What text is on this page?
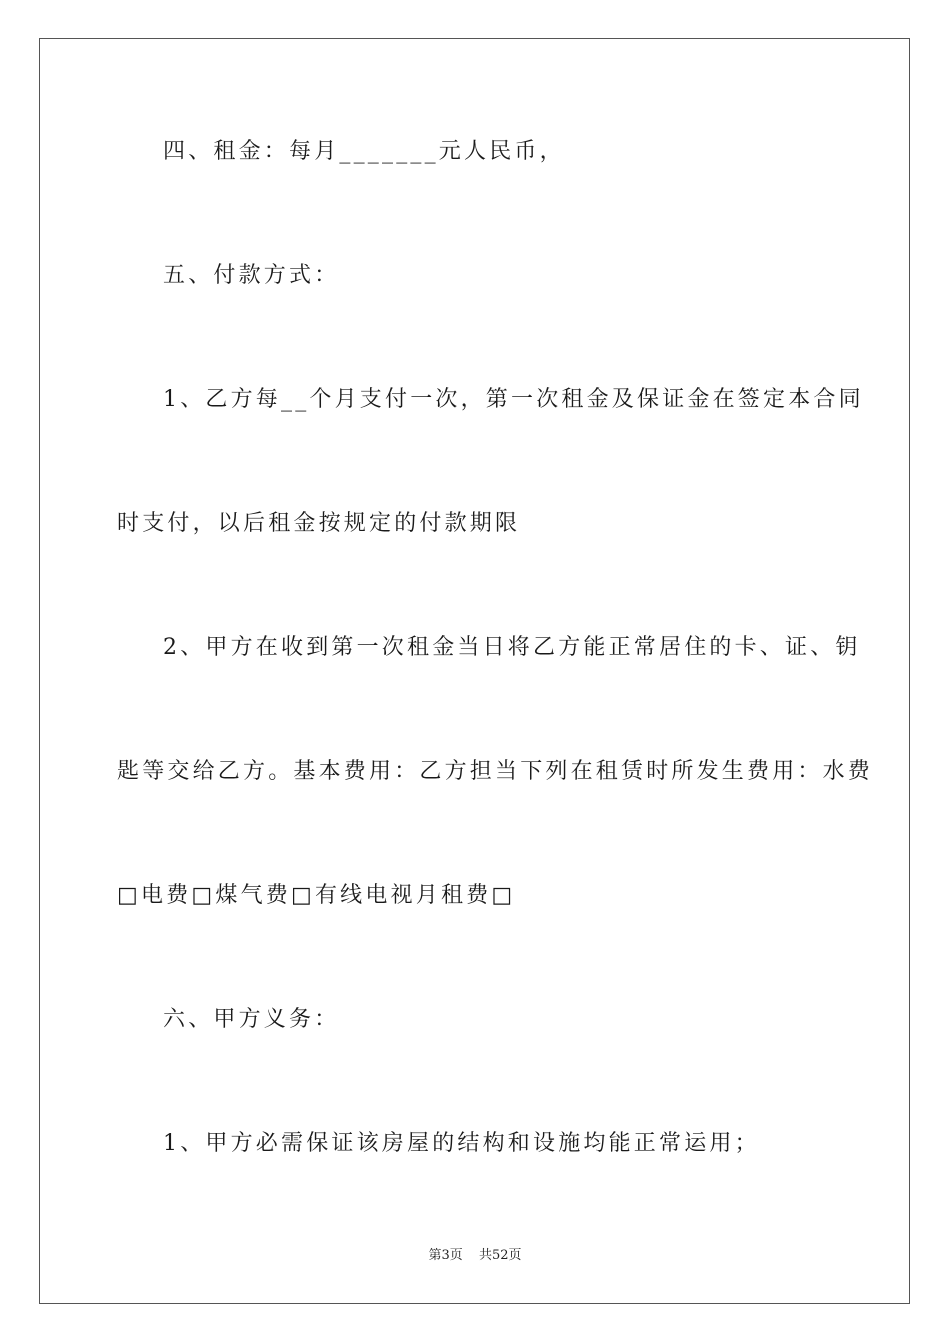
四、租金：每月_______元人民币，
五、付款方式：
1、乙方每__个月支付一次，第一次租金及保证金在签定本合同
时支付，以后租金按规定的付款期限
2、甲方在收到第一次租金当日将乙方能正常居住的卡、证、钥
匙等交给乙方。基本费用：乙方担当下列在租赁时所发生费用：水费
□电费□煤气费□有线电视月租费□
六、甲方义务：
1、甲方必需保证该房屋的结构和设施均能正常运用；
第3页 共52页
